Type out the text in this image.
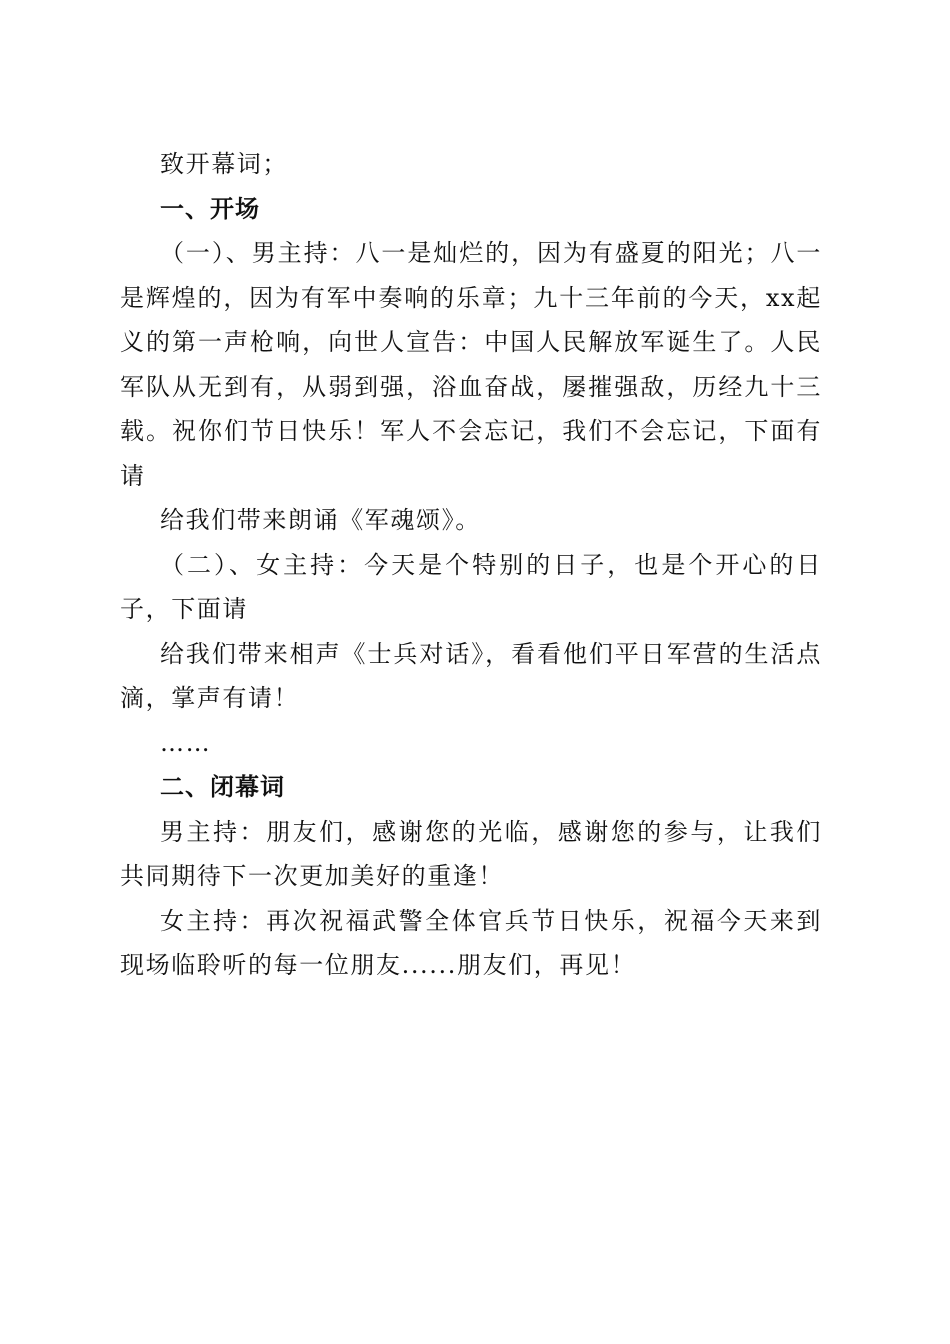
致开幕词；

一、开场

（一）、男主持：八一是灿烂的，因为有盛夏的阳光；八一是辉煌的，因为有军中奏响的乐章；九十三年前的今天，xx起义的第一声枪响，向世人宣告：中国人民解放军诞生了。人民军队从无到有，从弱到强，浴血奋战，屡摧强敌，历经九十三载。祝你们节日快乐！军人不会忘记，我们不会忘记，下面有请

给我们带来朗诵《军魂颂》。

（二）、女主持：今天是个特别的日子，也是个开心的日子，下面请

给我们带来相声《士兵对话》，看看他们平日军营的生活点滴，掌声有请！

……

二、闭幕词

男主持：朋友们，感谢您的光临，感谢您的参与，让我们共同期待下一次更加美好的重逢！

女主持：再次祝福武警全体官兵节日快乐，祝福今天来到现场临聆听的每一位朋友......朋友们，再见！
